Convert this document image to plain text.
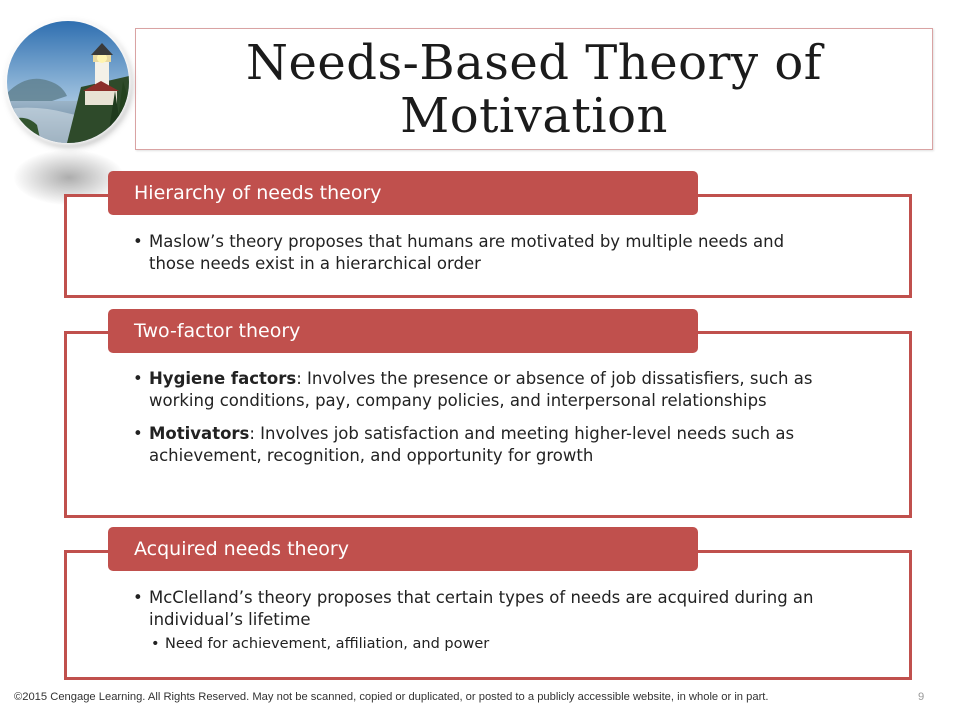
Needs-Based Theory of
Motivation
• Maslow’s theory proposes that humans are motivated by multiple needs and those needs exist in a hierarchical order
Hierarchy of needs theory
• Hygiene factors: Involves the presence or absence of job dissatisfiers, such as working conditions, pay, company policies, and interpersonal relationships
• Motivators: Involves job satisfaction and meeting higher-level needs such as achievement, recognition, and opportunity for growth
Two-factor theory
• McClelland’s theory proposes that certain types of needs are acquired during an individual’s lifetime
• Need for achievement, affiliation, and power
Acquired needs theory
©2015 Cengage Learning. All Rights Reserved. May not be scanned, copied or duplicated, or posted to a publicly accessible website, in whole or in part.	9
